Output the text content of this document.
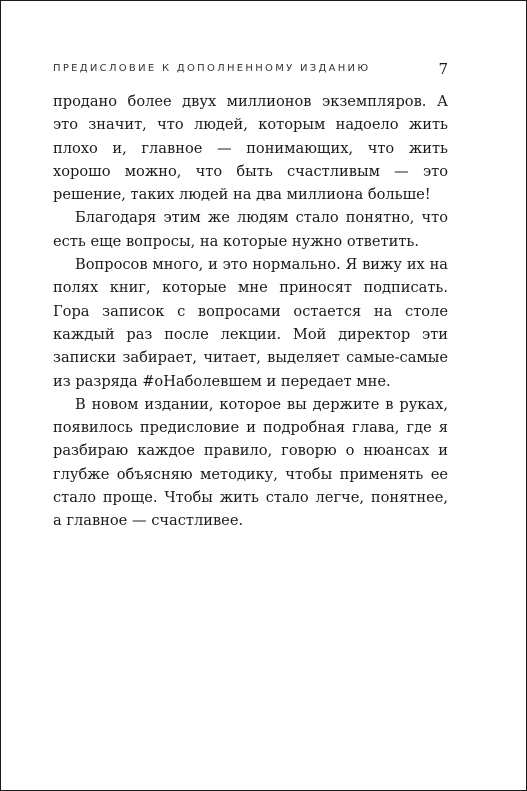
ПРЕДИСЛОВИЕ К ДОПОЛНЕННОМУ ИЗДАНИЮ	7

продано более двух миллионов экземпляров. А это значит, что людей, которым надоело жить плохо и, главное — понимающих, что жить хорошо можно, что быть счастливым — это решение, таких людей на два миллиона больше!

Благодаря этим же людям стало понятно, что есть еще вопросы, на которые нужно ответить.

Вопросов много, и это нормально. Я вижу их на полях книг, которые мне приносят подписать. Гора записок с вопросами остается на столе каждый раз после лекции. Мой директор эти записки забирает, читает, выделяет самые-самые из разряда #оНаболевшем и передает мне.

В новом издании, которое вы держите в руках, появилось предисловие и подробная глава, где я разбираю каждое правило, говорю о нюансах и глубже объясняю методику, чтобы применять ее стало проще. Чтобы жить стало легче, понятнее, а главное — счастливее.
